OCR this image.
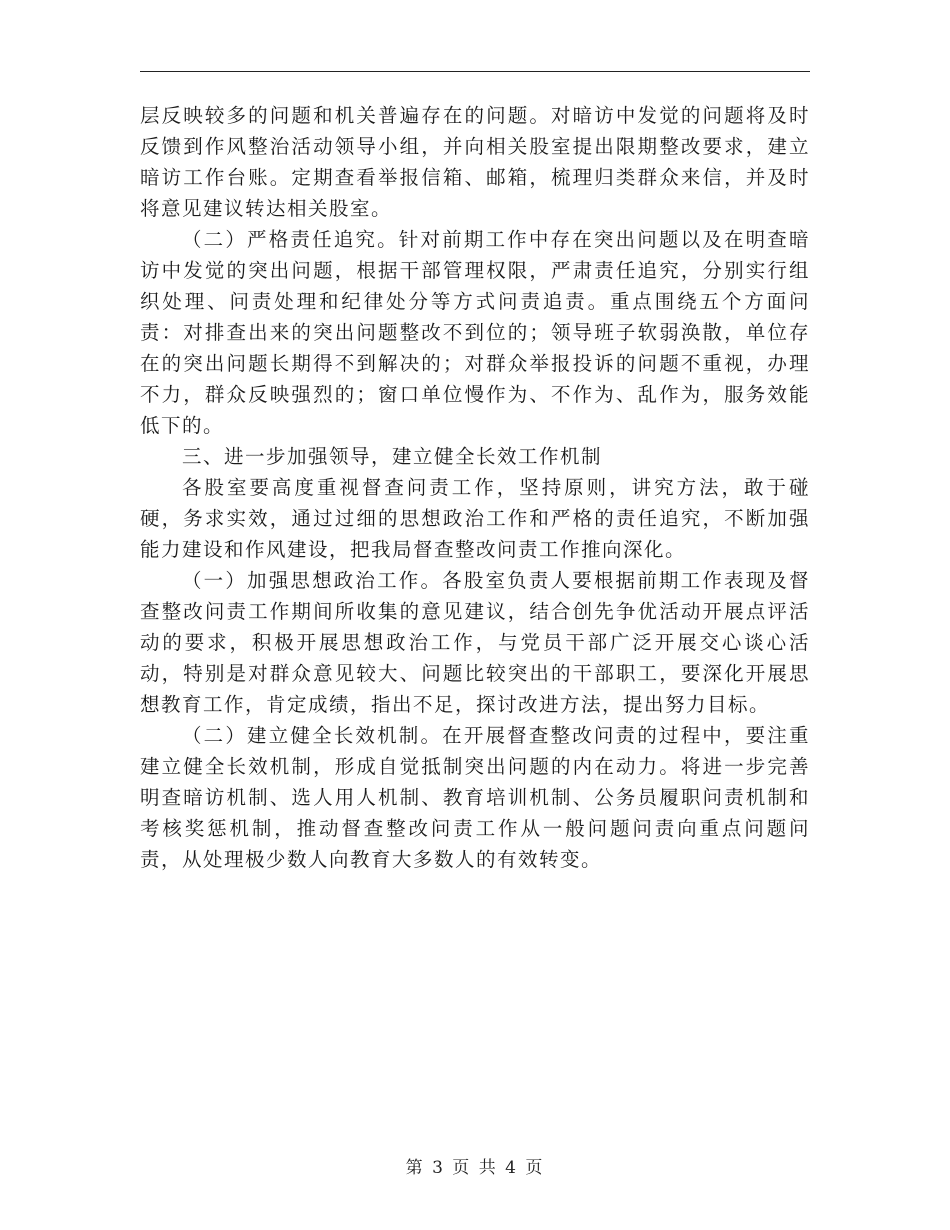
层反映较多的问题和机关普遍存在的问题。对暗访中发觉的问题将及时反馈到作风整治活动领导小组，并向相关股室提出限期整改要求，建立暗访工作台账。定期查看举报信箱、邮箱，梳理归类群众来信，并及时将意见建议转达相关股室。

（二）严格责任追究。针对前期工作中存在突出问题以及在明查暗访中发觉的突出问题，根据干部管理权限，严肃责任追究，分别实行组织处理、问责处理和纪律处分等方式问责追责。重点围绕五个方面问责：对排查出来的突出问题整改不到位的；领导班子软弱涣散，单位存在的突出问题长期得不到解决的；对群众举报投诉的问题不重视，办理不力，群众反映强烈的；窗口单位慢作为、不作为、乱作为，服务效能低下的。

三、进一步加强领导，建立健全长效工作机制

各股室要高度重视督查问责工作，坚持原则，讲究方法，敢于碰硬，务求实效，通过过细的思想政治工作和严格的责任追究，不断加强能力建设和作风建设，把我局督查整改问责工作推向深化。

（一）加强思想政治工作。各股室负责人要根据前期工作表现及督查整改问责工作期间所收集的意见建议，结合创先争优活动开展点评活动的要求，积极开展思想政治工作，与党员干部广泛开展交心谈心活动，特别是对群众意见较大、问题比较突出的干部职工，要深化开展思想教育工作，肯定成绩，指出不足，探讨改进方法，提出努力目标。

（二）建立健全长效机制。在开展督查整改问责的过程中，要注重建立健全长效机制，形成自觉抵制突出问题的内在动力。将进一步完善明查暗访机制、选人用人机制、教育培训机制、公务员履职问责机制和考核奖惩机制，推动督查整改问责工作从一般问题问责向重点问题问责，从处理极少数人向教育大多数人的有效转变。

第 3 页 共 4 页
